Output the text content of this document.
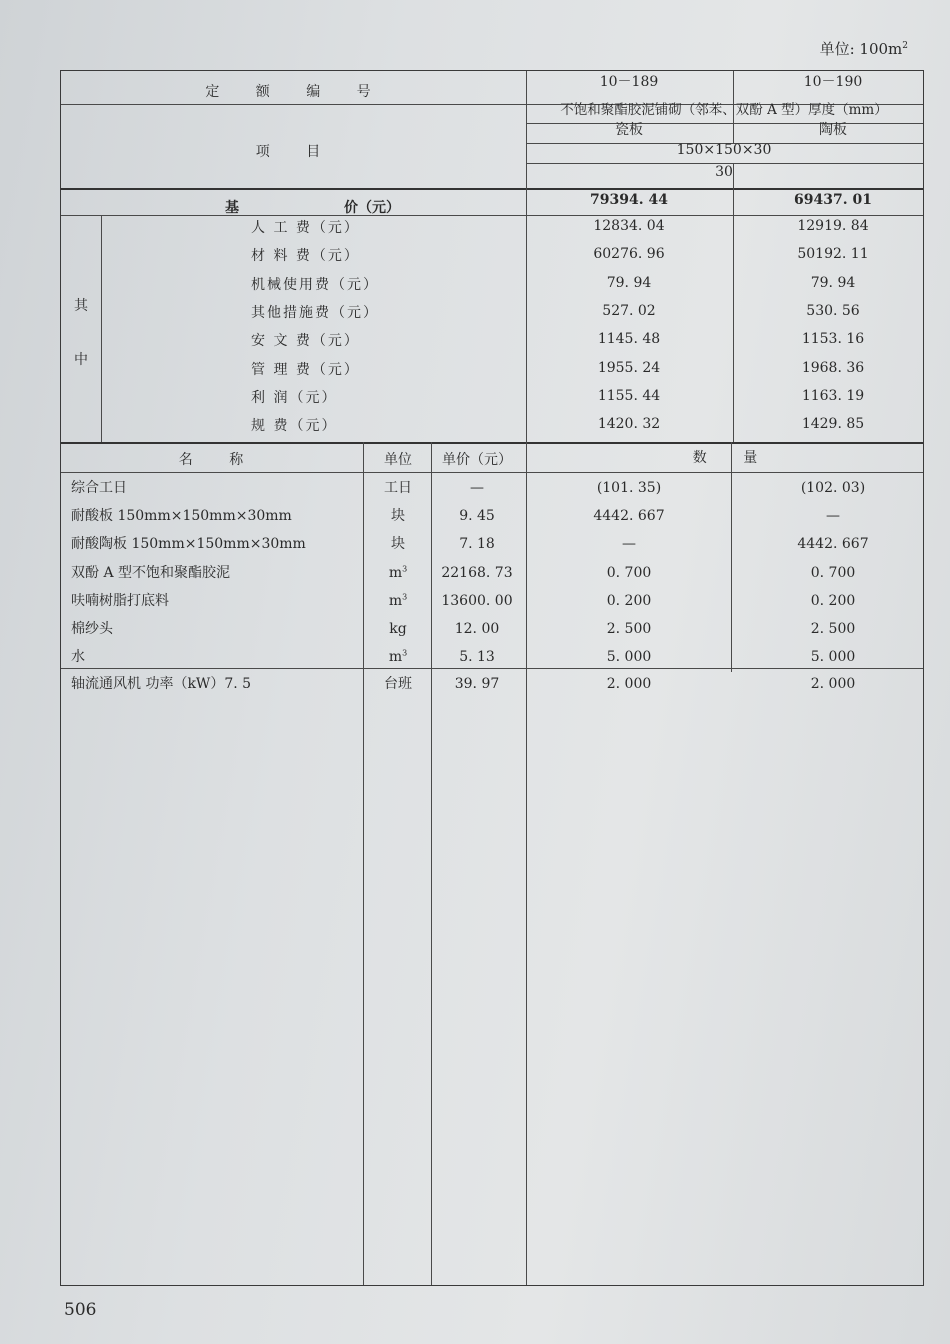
单位: $100m^2$
定 额 编 号
10－189	10－190
不饱和聚酯胶泥铺砌（邻苯、双酚 A 型）厚度（mm）
瓷板	陶板
项 目	150×150×30
30
基	价（元）	79394. 44	69437. 01
其
中
人 工 费（元）	12834. 04	12919. 84
材 料 费（元）	60276. 96	50192. 11
机械使用费（元）	79. 94	79. 94
其他措施费（元）	527. 02	530. 56
安 文 费（元）	1145. 48	1153. 16
管 理 费（元）	1955. 24	1968. 36
利 润（元）	1155. 44	1163. 19
规 费（元）	1420. 32	1429. 85
名 称	单位 单价（元）	数 量
综合工日	工日	—	(101. 35)	(102. 03)
耐酸板 150mm×150mm×30mm	块	9. 45	4442. 667	—
耐酸陶板 150mm×150mm×30mm	块	7. 18	—	4442. 667
双酚 A 型不饱和聚酯胶泥	$m^3$ 22168. 73	0. 700	0. 700
呋喃树脂打底料	$m^3$ 13600. 00	0. 200	0. 200
棉纱头	kg	12. 00	2. 500	2. 500
水	$m^3$	5. 13	5. 000	5. 000
轴流通风机 功率（kW）7. 5	台班	39. 97	2. 000	2. 000
506
